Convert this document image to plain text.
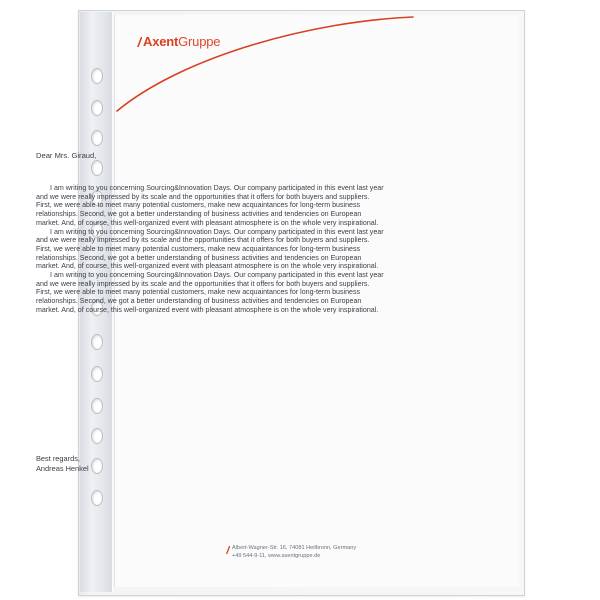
AxentGruppe

Dear Mrs. Giraud,

I am writing to you concerning Sourcing&Innovation Days. Our company participated in this event last year and we were really impressed by its scale and the opportunities that it offers for both buyers and suppliers. First, we were able to meet many potential customers, make new acquaintances for long-term business relationships. Second, we got a better understanding of business activities and tendencies on European market. And, of course, this well-organized event with pleasant atmosphere is on the whole very inspirational.

I am writing to you concerning Sourcing&Innovation Days. Our company participated in this event last year and we were really impressed by its scale and the opportunities that it offers for both buyers and suppliers. First, we were able to meet many potential customers, make new acquaintances for long-term business relationships. Second, we got a better understanding of business activities and tendencies on European market. And, of course, this well-organized event with pleasant atmosphere is on the whole very inspirational.

I am writing to you concerning Sourcing&Innovation Days. Our company participated in this event last year and we were really impressed by its scale and the opportunities that it offers for both buyers and suppliers. First, we were able to meet many potential customers, make new acquaintances for long-term business relationships. Second, we got a better understanding of business activities and tendencies on European market. And, of course, this well-organized event with pleasant atmosphere is on the whole very inspirational.

Best regards,
Andreas Henkel
Albert-Wagner-Str. 16, 74081 Heilbronn, Germany
+49 544-9-11, www.axentgruppe.de
